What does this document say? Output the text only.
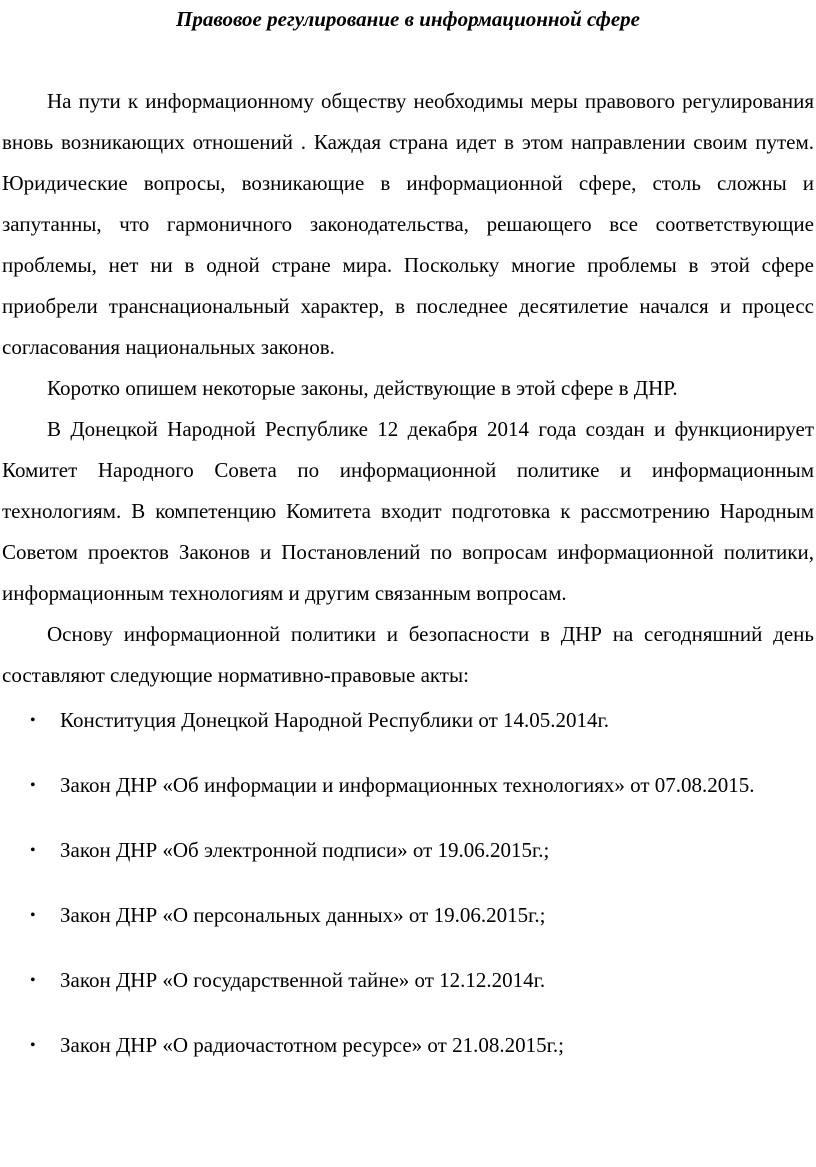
Правовое регулирование в информационной сфере

На пути к информационному обществу необходимы меры правового регулирования вновь возникающих отношений . Каждая страна идет в этом направлении своим путем. Юридические вопросы, возникающие в информационной сфере, столь сложны и запутанны, что гармоничного законодательства, решающего все соответствующие проблемы, нет ни в одной стране мира. Поскольку многие проблемы в этой сфере приобрели транснациональный характер, в последнее десятилетие начался и процесс согласования национальных законов.

Коротко опишем некоторые законы, действующие в этой сфере в ДНР.

В Донецкой Народной Республике 12 декабря 2014 года создан и функционирует Комитет Народного Совета по информационной политике и информационным технологиям. В компетенцию Комитета входит подготовка к рассмотрению Народным Советом проектов Законов и Постановлений по вопросам информационной политики, информационным технологиям и другим связанным вопросам.

Основу информационной политики и безопасности в ДНР на сегодняшний день составляют следующие нормативно-правовые акты:

• Конституция Донецкой Народной Республики от 14.05.2014г.
• Закон ДНР «Об информации и информационных технологиях» от 07.08.2015.
• Закон ДНР «Об электронной подписи» от 19.06.2015г.;
• Закон ДНР «О персональных данных» от 19.06.2015г.;
• Закон ДНР «О государственной тайне» от 12.12.2014г.
• Закон ДНР «О радиочастотном ресурсе» от 21.08.2015г.;
